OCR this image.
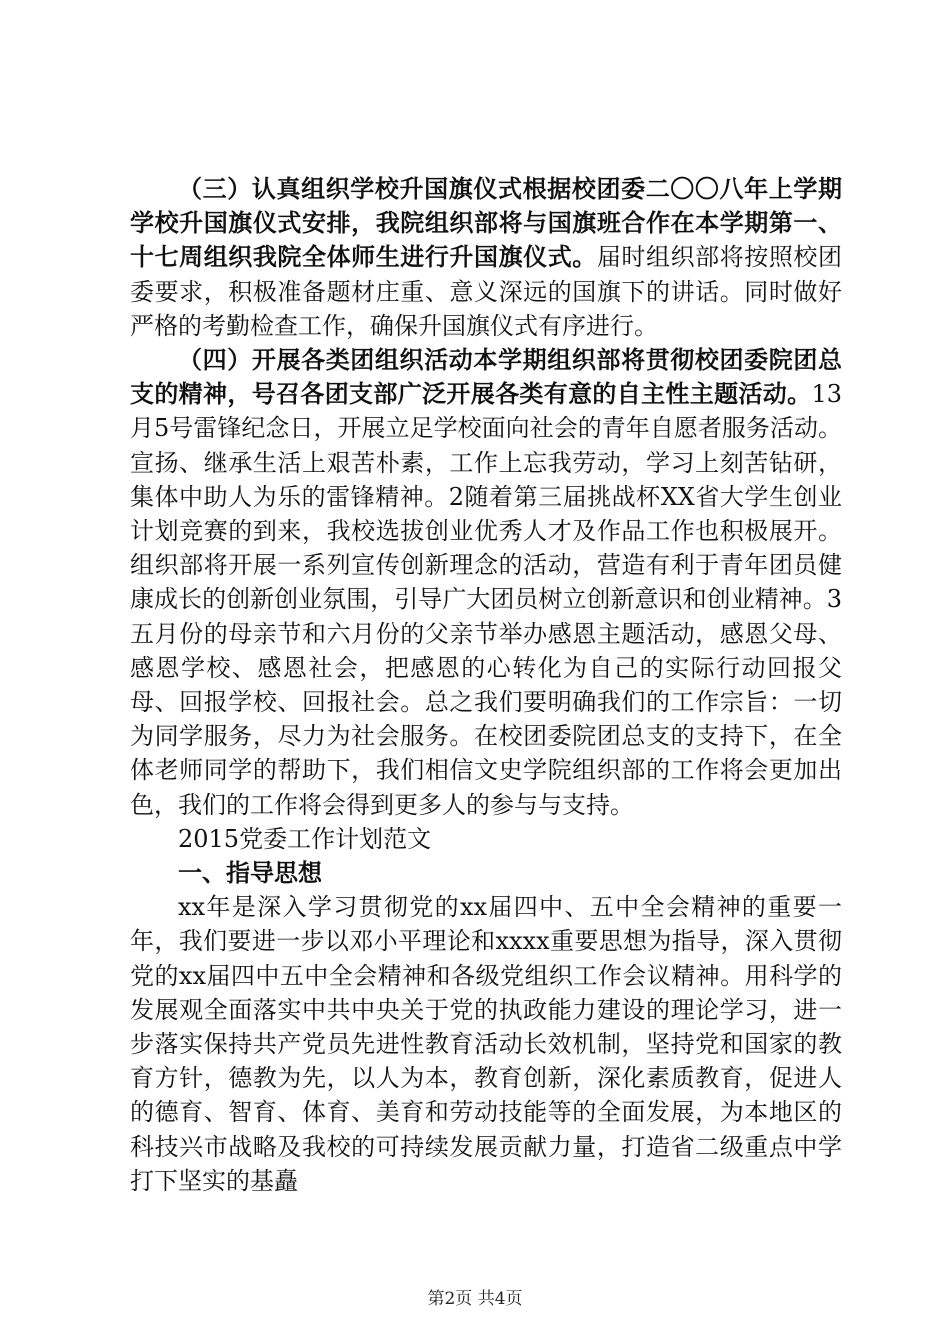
（三）认真组织学校升国旗仪式根据校团委二〇〇八年上学期学校升国旗仪式安排，我院组织部将与国旗班合作在本学期第一、十七周组织我院全体师生进行升国旗仪式。届时组织部将按照校团委要求，积极准备题材庄重、意义深远的国旗下的讲话。同时做好严格的考勤检查工作，确保升国旗仪式有序进行。

（四）开展各类团组织活动本学期组织部将贯彻校团委院团总支的精神，号召各团支部广泛开展各类有意的自主性主题活动。13月5号雷锋纪念日，开展立足学校面向社会的青年自愿者服务活动。宣扬、继承生活上艰苦朴素，工作上忘我劳动，学习上刻苦钻研，集体中助人为乐的雷锋精神。2随着第三届挑战杯XX省大学生创业计划竞赛的到来，我校选拔创业优秀人才及作品工作也积极展开。组织部将开展一系列宣传创新理念的活动，营造有利于青年团员健康成长的创新创业氛围，引导广大团员树立创新意识和创业精神。3五月份的母亲节和六月份的父亲节举办感恩主题活动，感恩父母、感恩学校、感恩社会，把感恩的心转化为自己的实际行动回报父母、回报学校、回报社会。总之我们要明确我们的工作宗旨：一切为同学服务，尽力为社会服务。在校团委院团总支的支持下，在全体老师同学的帮助下，我们相信文史学院组织部的工作将会更加出色，我们的工作将会得到更多人的参与与支持。

2015党委工作计划范文

一、指导思想

xx年是深入学习贯彻党的xx届四中、五中全会精神的重要一年，我们要进一步以邓小平理论和xxxx重要思想为指导，深入贯彻党的xx届四中五中全会精神和各级党组织工作会议精神。用科学的发展观全面落实中共中央关于党的执政能力建设的理论学习，进一步落实保持共产党员先进性教育活动长效机制，坚持党和国家的教育方针，德教为先，以人为本，教育创新，深化素质教育，促进人的德育、智育、体育、美育和劳动技能等的全面发展，为本地区的科技兴市战略及我校的可持续发展贡献力量，打造省二级重点中学打下坚实的基矗

第2页 共4页
